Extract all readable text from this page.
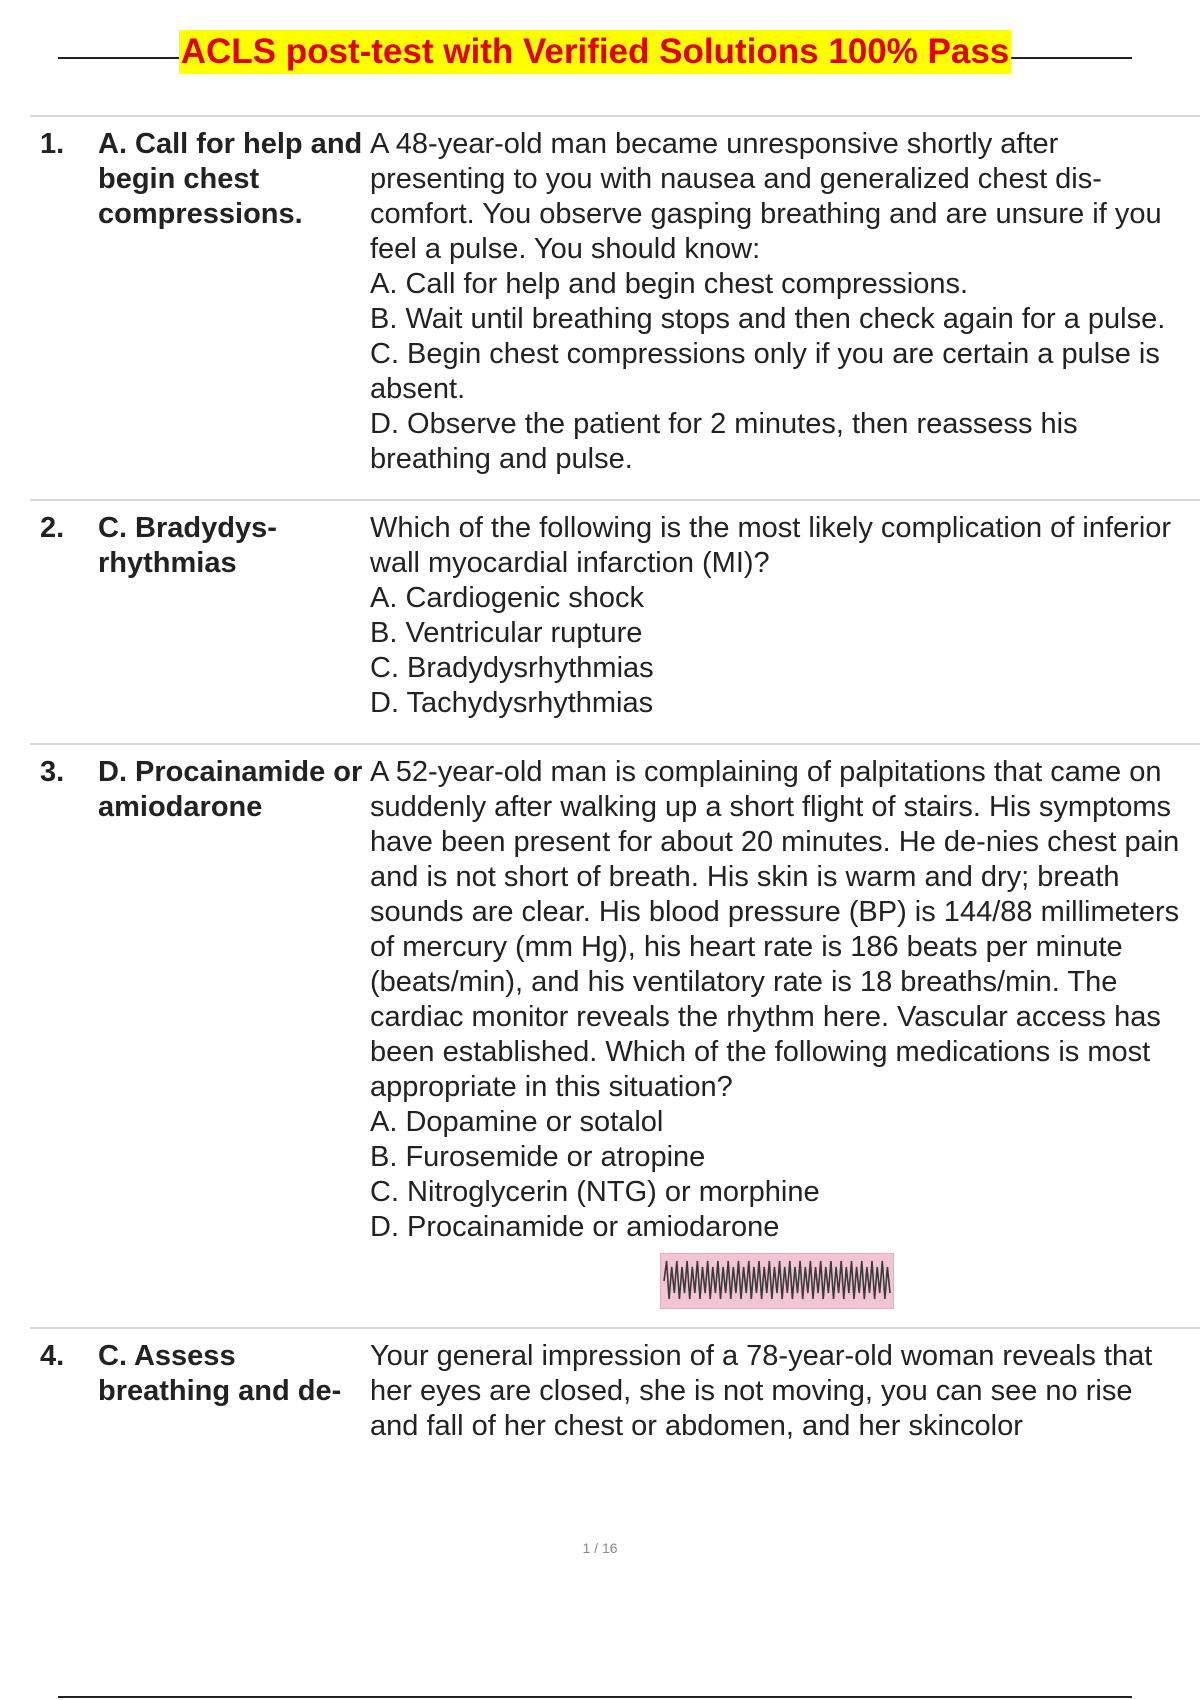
ACLS post-test with Verified Solutions 100% Pass
1.	A. Call for help and begin chest compressions.
A 48-year-old man became unresponsive shortly after presenting to you with nausea and generalized chest dis-comfort. You observe gasping breathing and are unsure if you feel a pulse. You should know:
A. Call for help and begin chest compressions.
B. Wait until breathing stops and then check again for a pulse.
C. Begin chest compressions only if you are certain a pulse is absent.
D. Observe the patient for 2 minutes, then reassess his breathing and pulse.
2.	C. Bradydys-rhythmias
Which of the following is the most likely complication of inferior wall myocardial infarction (MI)?
A. Cardiogenic shock
B. Ventricular rupture
C. Bradydysrhythmias
D. Tachydysrhythmias
3.	D. Procainamide or amiodarone
A 52-year-old man is complaining of palpitations that came on suddenly after walking up a short flight of stairs. His symptoms have been present for about 20 minutes. He de-nies chest pain and is not short of breath. His skin is warm and dry; breath sounds are clear. His blood pressure (BP) is 144/88 millimeters of mercury (mm Hg), his heart rate is 186 beats per minute (beats/min), and his ventilatory rate is 18 breaths/min. The cardiac monitor reveals the rhythm here. Vascular access has been established. Which of the following medications is most appropriate in this situation?
A. Dopamine or sotalol
B. Furosemide or atropine
C. Nitroglycerin (NTG) or morphine
D. Procainamide or amiodarone
4.	C. Assess breathing and de-
Your general impression of a 78-year-old woman reveals that her eyes are closed, she is not moving, you can see no rise and fall of her chest or abdomen, and her skincolor
1 / 16
